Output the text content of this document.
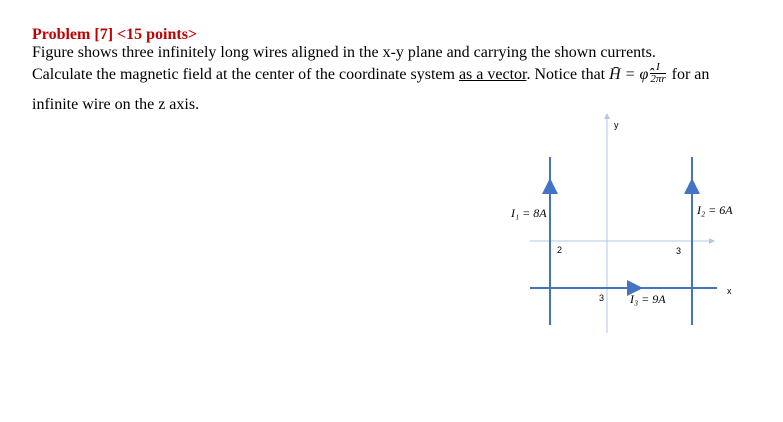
Problem [7] <15 points>
Figure shows three infinitely long wires aligned in the x-y plane and carrying the shown currents.
Calculate the magnetic field at the center of the coordinate system as a vector. Notice that H̄ = φ̂ $\frac{I}{2\pi r}$ for an
infinite wire on the z axis.
y
x
I₁ = 8A	I₂ = 6A
I₃ = 9A
2	3
3
